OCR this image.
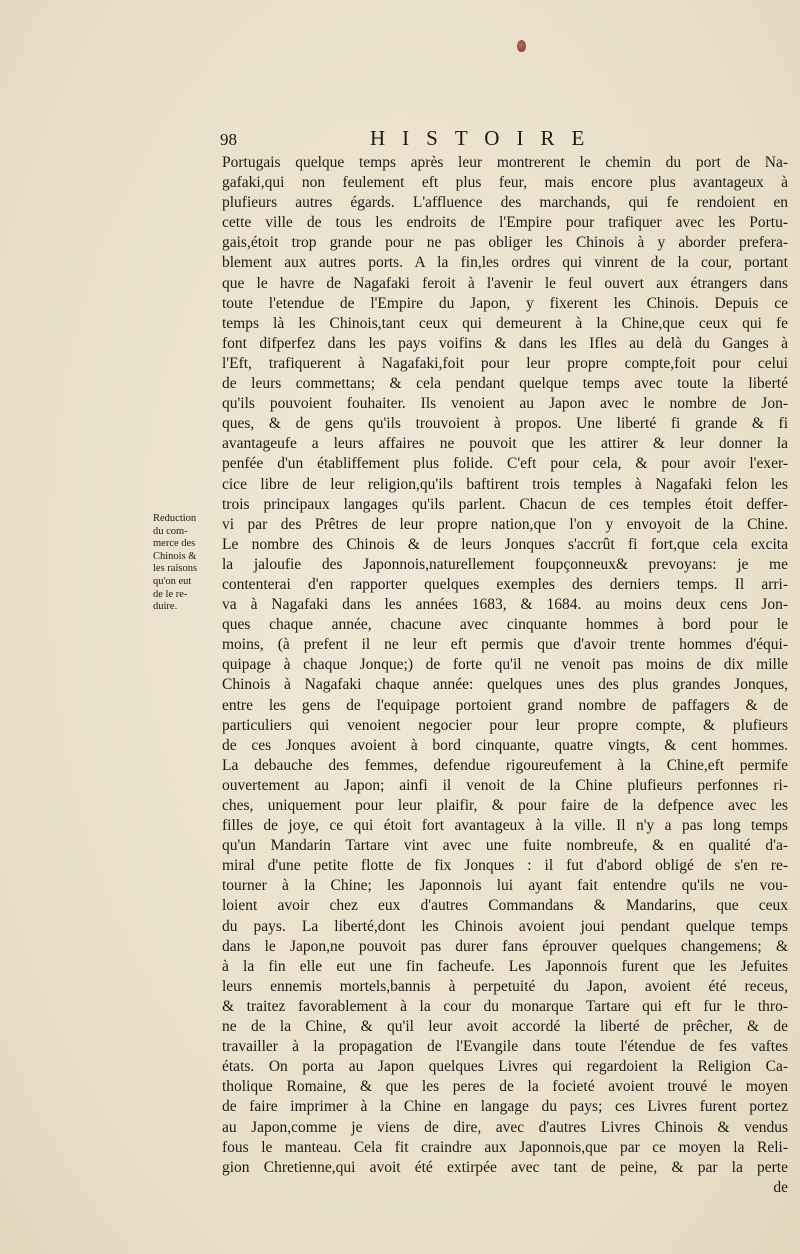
98	HISTOIRE
Reduction
du com-
merce des
Chinois &
les raisons
qu'on eut
de le re-
duire.
Portugais quelque temps après leur montrerent le chemin du port de Na-
gafaki,qui non feulement eft plus feur, mais encore plus avantageux à
plufieurs autres égards. L'affluence des marchands, qui fe rendoient en
cette ville de tous les endroits de l'Empire pour trafiquer avec les Portu-
gais,étoit trop grande pour ne pas obliger les Chinois à y aborder prefera-
blement aux autres ports. A la fin,les ordres qui vinrent de la cour, portant
que le havre de Nagafaki feroit à l'avenir le feul ouvert aux étrangers dans
toute l'etendue de l'Empire du Japon, y fixerent les Chinois. Depuis ce
temps là les Chinois,tant ceux qui demeurent à la Chine,que ceux qui fe
font difperfez dans les pays voifins & dans les Ifles au delà du Ganges à
l'Eft, trafiquerent à Nagafaki,foit pour leur propre compte,foit pour celui
de leurs commettans; & cela pendant quelque temps avec toute la liberté
qu'ils pouvoient fouhaiter. Ils venoient au Japon avec le nombre de Jon-
ques, & de gens qu'ils trouvoient à propos. Une liberté fi grande & fi
avantageufe a leurs affaires ne pouvoit que les attirer & leur donner la
penfée d'un établiffement plus folide. C'eft pour cela, & pour avoir l'exer-
cice libre de leur religion,qu'ils baftirent trois temples à Nagafaki felon les
trois principaux langages qu'ils parlent. Chacun de ces temples étoit deffer-
vi par des Prêtres de leur propre nation,que l'on y envoyoit de la Chine.
Le nombre des Chinois & de leurs Jonques s'accrût fi fort,que cela excita
la jaloufie des Japonnois,naturellement foupçonneux& prevoyans: je me
contenterai d'en rapporter quelques exemples des derniers temps. Il arri-
va à Nagafaki dans les années 1683, & 1684. au moins deux cens Jon-
ques chaque année, chacune avec cinquante hommes à bord pour le
moins, (à prefent il ne leur eft permis que d'avoir trente hommes d'équi-
quipage à chaque Jonque;) de forte qu'il ne venoit pas moins de dix mille
Chinois à Nagafaki chaque année: quelques unes des plus grandes Jonques,
entre les gens de l'equipage portoient grand nombre de paffagers & de
particuliers qui venoient negocier pour leur propre compte, & plufieurs
de ces Jonques avoient à bord cinquante, quatre vingts, & cent hommes.
La debauche des femmes, defendue rigoureufement à la Chine,eft permife
ouvertement au Japon; ainfi il venoit de la Chine plufieurs perfonnes ri-
ches, uniquement pour leur plaifir, & pour faire de la defpence avec les
filles de joye, ce qui étoit fort avantageux à la ville. Il n'y a pas long temps
qu'un Mandarin Tartare vint avec une fuite nombreufe, & en qualité d'a-
miral d'une petite flotte de fix Jonques : il fut d'abord obligé de s'en re-
tourner à la Chine; les Japonnois lui ayant fait entendre qu'ils ne vou-
loient avoir chez eux d'autres Commandans & Mandarins, que ceux
du pays. La liberté,dont les Chinois avoient joui pendant quelque temps
dans le Japon,ne pouvoit pas durer fans éprouver quelques changemens; &
à la fin elle eut une fin facheufe. Les Japonnois furent que les Jefuites
leurs ennemis mortels,bannis à perpetuité du Japon, avoient été receus,
& traitez favorablement à la cour du monarque Tartare qui eft fur le thro-
ne de la Chine, & qu'il leur avoit accordé la liberté de prêcher, & de
travailler à la propagation de l'Evangile dans toute l'étendue de fes vaftes
états. On porta au Japon quelques Livres qui regardoient la Religion Ca-
tholique Romaine, & que les peres de la focieté avoient trouvé le moyen
de faire imprimer à la Chine en langage du pays; ces Livres furent portez
au Japon,comme je viens de dire, avec d'autres Livres Chinois & vendus
fous le manteau. Cela fit craindre aux Japonnois,que par ce moyen la Reli-
gion Chretienne,qui avoit été extirpée avec tant de peine, & par la perte
de
